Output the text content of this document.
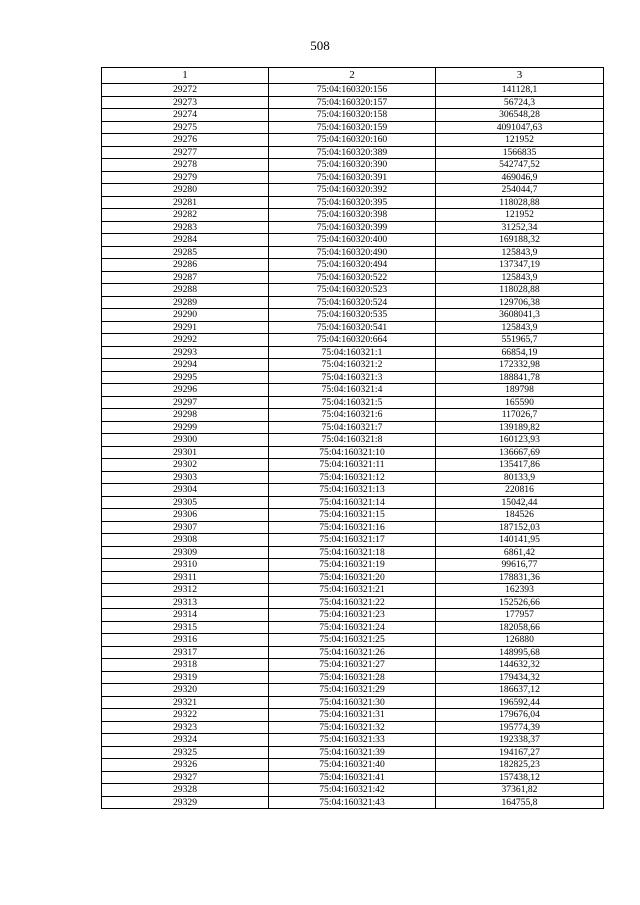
508
1	2	3
29272	75:04:160320:156	141128,1
29273	75:04:160320:157	56724,3
29274	75:04:160320:158	306548,28
29275	75:04:160320:159	4091047,63
29276	75:04:160320:160	121952
29277	75:04:160320:389	1566835
29278	75:04:160320:390	542747,52
29279	75:04:160320:391	469046,9
29280	75:04:160320:392	254044,7
29281	75:04:160320:395	118028,88
29282	75:04:160320:398	121952
29283	75:04:160320:399	31252,34
29284	75:04:160320:400	169188,32
29285	75:04:160320:490	125843,9
29286	75:04:160320:494	137347,19
29287	75:04:160320:522	125843,9
29288	75:04:160320:523	118028,88
29289	75:04:160320:524	129706,38
29290	75:04:160320:535	3608041,3
29291	75:04:160320:541	125843,9
29292	75:04:160320:664	551965,7
29293	75:04:160321:1	66854,19
29294	75:04:160321:2	172332,98
29295	75:04:160321:3	188841,78
29296	75:04:160321:4	189798
29297	75:04:160321:5	165590
29298	75:04:160321:6	117026,7
29299	75:04:160321:7	139189,82
29300	75:04:160321:8	160123,93
29301	75:04:160321:10	136667,69
29302	75:04:160321:11	135417,86
29303	75:04:160321:12	80133,9
29304	75:04:160321:13	220816
29305	75:04:160321:14	15042,44
29306	75:04:160321:15	184526
29307	75:04:160321:16	187152,03
29308	75:04:160321:17	140141,95
29309	75:04:160321:18	6861,42
29310	75:04:160321:19	99616,77
29311	75:04:160321:20	178831,36
29312	75:04:160321:21	162393
29313	75:04:160321:22	152526,66
29314	75:04:160321:23	177957
29315	75:04:160321:24	182058,66
29316	75:04:160321:25	126880
29317	75:04:160321:26	148995,68
29318	75:04:160321:27	144632,32
29319	75:04:160321:28	179434,32
29320	75:04:160321:29	186637,12
29321	75:04:160321:30	196592,44
29322	75:04:160321:31	179676,04
29323	75:04:160321:32	195774,39
29324	75:04:160321:33	192338,37
29325	75:04:160321:39	194167,27
29326	75:04:160321:40	182825,23
29327	75:04:160321:41	157438,12
29328	75:04:160321:42	37361,82
29329	75:04:160321:43	164755,8
